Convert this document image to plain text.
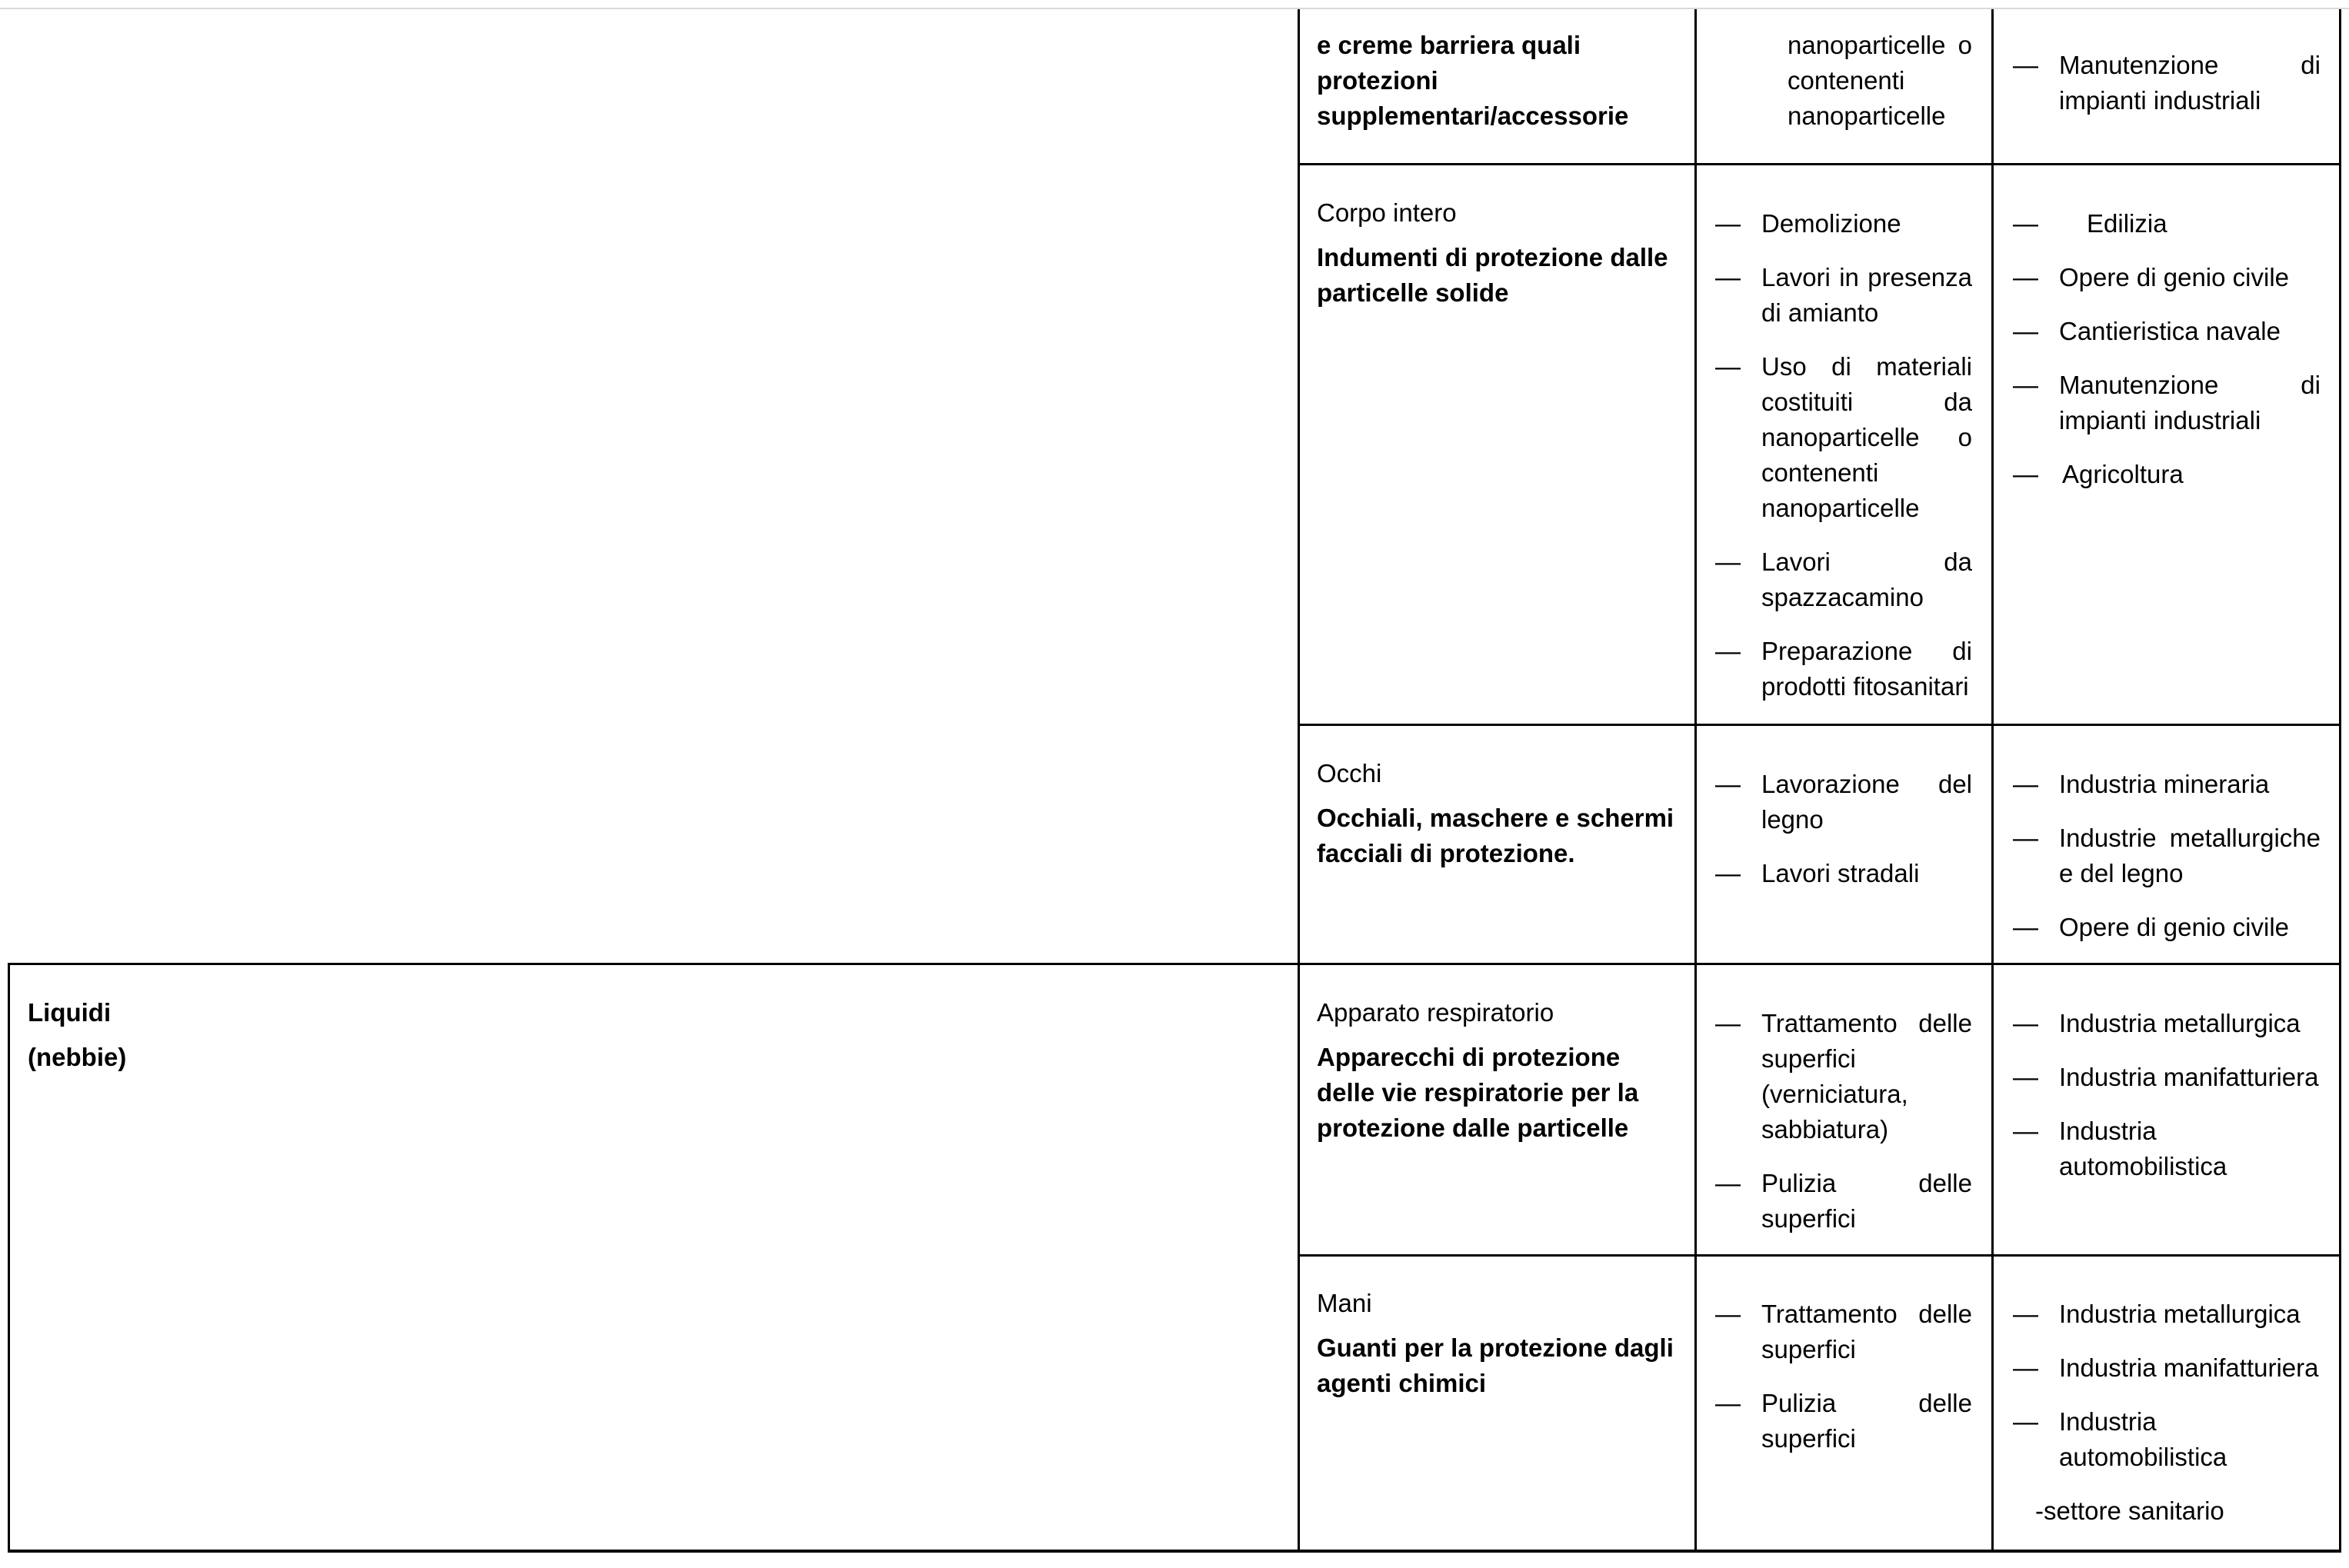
e creme barriera quali protezioni supplementari/accessorie

nanoparticelle o contenenti nanoparticelle
— Manutenzione di impianti industriali

Corpo intero

Indumenti di protezione dalle particelle solide

— Demolizione
— Lavori in presenza di amianto
— Uso di materiali costituiti da nanoparticelle o contenenti nanoparticelle
— Lavori da spazzacamino
— Preparazione di prodotti fitosanitari
— Edilizia
— Opere di genio civile
— Cantieristica navale
— Manutenzione di impianti industriali
— Agricoltura

Occhi

Occhiali, maschere e schermi facciali di protezione.

— Lavorazione del legno
— Lavori stradali
— Industria mineraria
— Industrie metallurgiche e del legno
— Opere di genio civile

Liquidi

(nebbie)

Apparato respiratorio

Apparecchi di protezione delle vie respiratorie per la protezione dalle particelle

— Trattamento delle superfici (verniciatura, sabbiatura)
— Pulizia delle superfici
— Industria metallurgica
— Industria manifatturiera
— Industria automobilistica

Mani

Guanti per la protezione dagli agenti chimici

— Trattamento delle superfici
— Pulizia delle superfici
— Industria metallurgica
— Industria manifatturiera
— Industria automobilistica
-settore sanitario
